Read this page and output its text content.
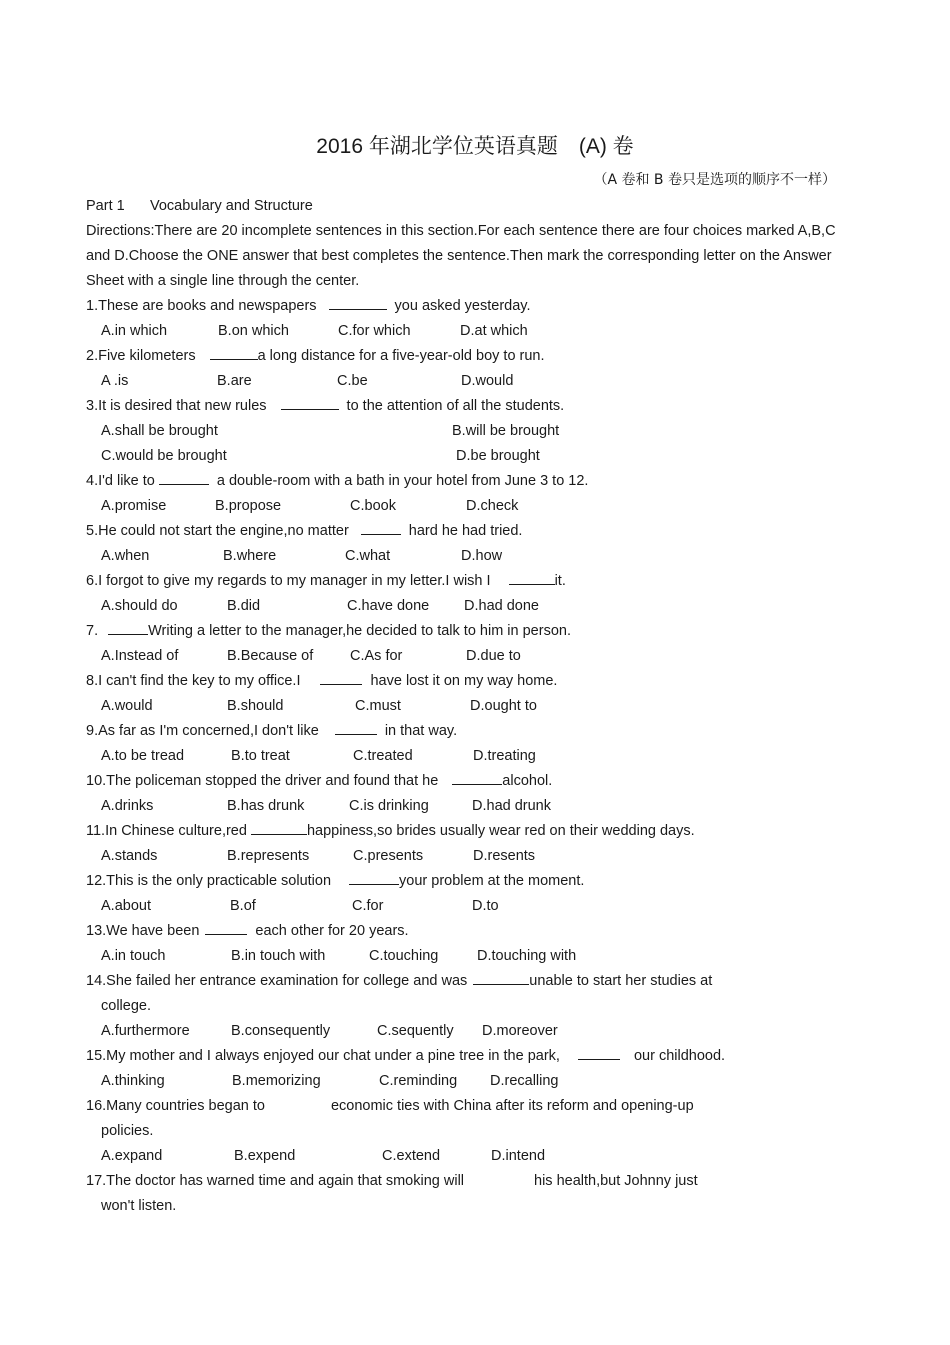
2016 年湖北学位英语真题　(A) 卷
（A 卷和 B 卷只是选项的顺序不一样）
Part 1 Vocabulary and Structure
Directions:There are 20 incomplete sentences in this section.For each sentence there are four choices marked A,B,C
and D.Choose the ONE answer that best completes the sentence.Then mark the corresponding letter on the Answer
Sheet with a single line through the center.
1.These are books and newspapers	you asked yesterday.
A.in which	B.on which	C.for which	D.at which
2.Five kilometers	a long distance for a five-year-old boy to run.
A .is	B.are	C.be	D.would
3.It is desired that new rules	to the attention of all the students.
A.shall be brought	B.will be brought
C.would be brought	D.be brought
4.I'd like to	a double-room with a bath in your hotel from June 3 to 12.
A.promise	B.propose	C.book	D.check
5.He could not start the engine,no matter	hard he had tried.
A.when	B.where	C.what	D.how
6.I forgot to give my regards to my manager in my letter.I wish I	it.
A.should do	B.did	C.have done	D.had done
7.	Writing a letter to the manager,he decided to talk to him in person.
A.Instead of	B.Because of	C.As for	D.due to
8.I can't find the key to my office.I	have lost it on my way home.
A.would	B.should	C.must	D.ought to
9.As far as I'm concerned,I don't like	in that way.
A.to be tread	B.to treat	C.treated	D.treating
10.The policeman stopped the driver and found that he	alcohol.
A.drinks	B.has drunk	C.is drinking	D.had drunk
11.In Chinese culture,red	happiness,so brides usually wear red on their wedding days.
A.stands	B.represents	C.presents	D.resents
12.This is the only practicable solution	your problem at the moment.
A.about	B.of	C.for	D.to
13.We have been	each other for 20 years.
A.in touch	B.in touch with	C.touching	D.touching with
14.She failed her entrance examination for college and was	unable to start her studies at
college.
A.furthermore	B.consequently	C.sequently	D.moreover
15.My mother and I always enjoyed our chat under a pine tree in the park,	our childhood.
A.thinking	B.memorizing	C.reminding	D.recalling
16.Many countries began to	economic ties with China after its reform and opening-up
policies.
A.expand	B.expend	C.extend	D.intend
17.The doctor has warned time and again that smoking will	his health,but Johnny just
won't listen.
